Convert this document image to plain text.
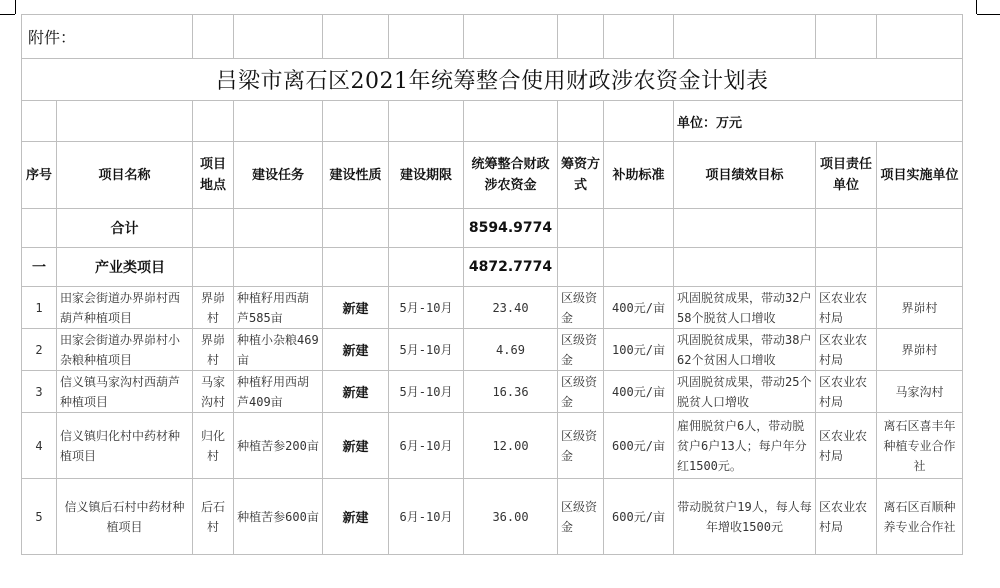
附件：											
吕梁市离石区2021年统筹整合使用财政涉农资金计划表											
									单位：万元		
序号	项目名称	项目地点	建设任务	建设性质	建设期限	统筹整合财政涉农资金	筹资方式	补助标准	项目绩效目标	项目责任单位	项目实施单位
	合计					8594.9774					
一	产业类项目					4872.7774					
1	田家会街道办界峁村西葫芦种植项目	界峁村	种植籽用西葫芦585亩	新建	5月-10月	23.40	区级资金	400元/亩	巩固脱贫成果，带动32户58个脱贫人口增收	区农业农村局	界峁村
2	田家会街道办界峁村小杂粮种植项目	界峁村	种植小杂粮469亩	新建	5月-10月	4.69	区级资金	100元/亩	巩固脱贫成果，带动38户62个贫困人口增收	区农业农村局	界峁村
3	信义镇马家沟村西葫芦种植项目	马家沟村	种植籽用西胡芦409亩	新建	5月-10月	16.36	区级资金	400元/亩	巩固脱贫成果，带动25个脱贫人口增收	区农业农村局	马家沟村
4	信义镇归化村中药材种植项目	归化村	种植苦参200亩	新建	6月-10月	12.00	区级资金	600元/亩	雇佣脱贫户6人，带动脱贫户6户13人；每户年分红1500元。	区农业农村局	离石区喜丰年种植专业合作社
5	信义镇后石村中药材种植项目	后石村	种植苦参600亩	新建	6月-10月	36.00	区级资金	600元/亩	带动脱贫户19人，每人每年增收1500元	区农业农村局	离石区百顺种养专业合作社
